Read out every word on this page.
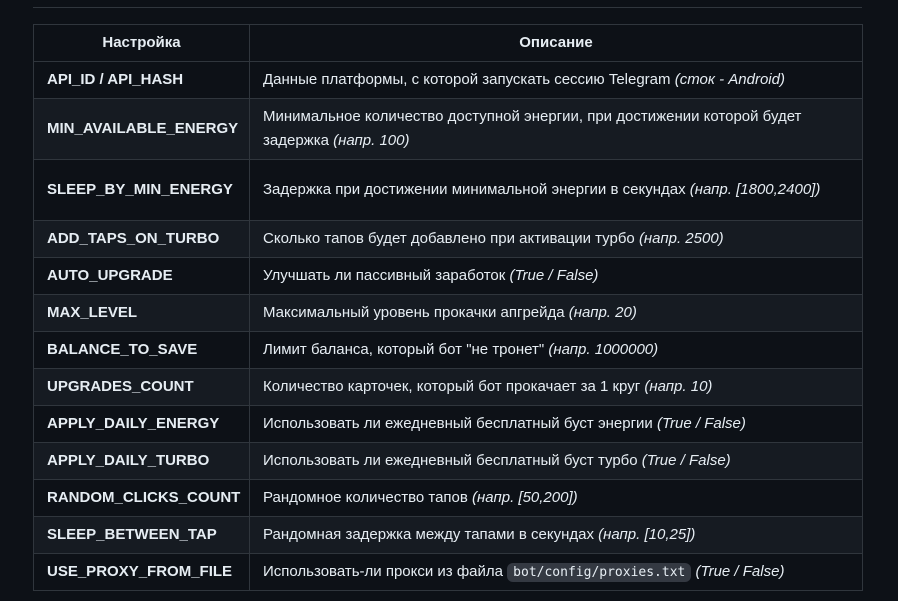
Настройка	Описание
API_ID / API_HASH	Данные платформы, с которой запускать сессию Telegram (сток - Android)
MIN_AVAILABLE_ENERGY	Минимальное количество доступной энергии, при достижении которой будет задержка (напр. 100)
SLEEP_BY_MIN_ENERGY	Задержка при достижении минимальной энергии в секундах (напр. [1800,2400])
ADD_TAPS_ON_TURBO	Сколько тапов будет добавлено при активации турбо (напр. 2500)
AUTO_UPGRADE	Улучшать ли пассивный заработок (True / False)
MAX_LEVEL	Максимальный уровень прокачки апгрейда (напр. 20)
BALANCE_TO_SAVE	Лимит баланса, который бот "не тронет" (напр. 1000000)
UPGRADES_COUNT	Количество карточек, который бот прокачает за 1 круг (напр. 10)
APPLY_DAILY_ENERGY	Использовать ли ежедневный бесплатный буст энергии (True / False)
APPLY_DAILY_TURBO	Использовать ли ежедневный бесплатный буст турбо (True / False)
RANDOM_CLICKS_COUNT	Рандомное количество тапов (напр. [50,200])
SLEEP_BETWEEN_TAP	Рандомная задержка между тапами в секундах (напр. [10,25])
USE_PROXY_FROM_FILE	Использовать-ли прокси из файла bot/config/proxies.txt (True / False)
